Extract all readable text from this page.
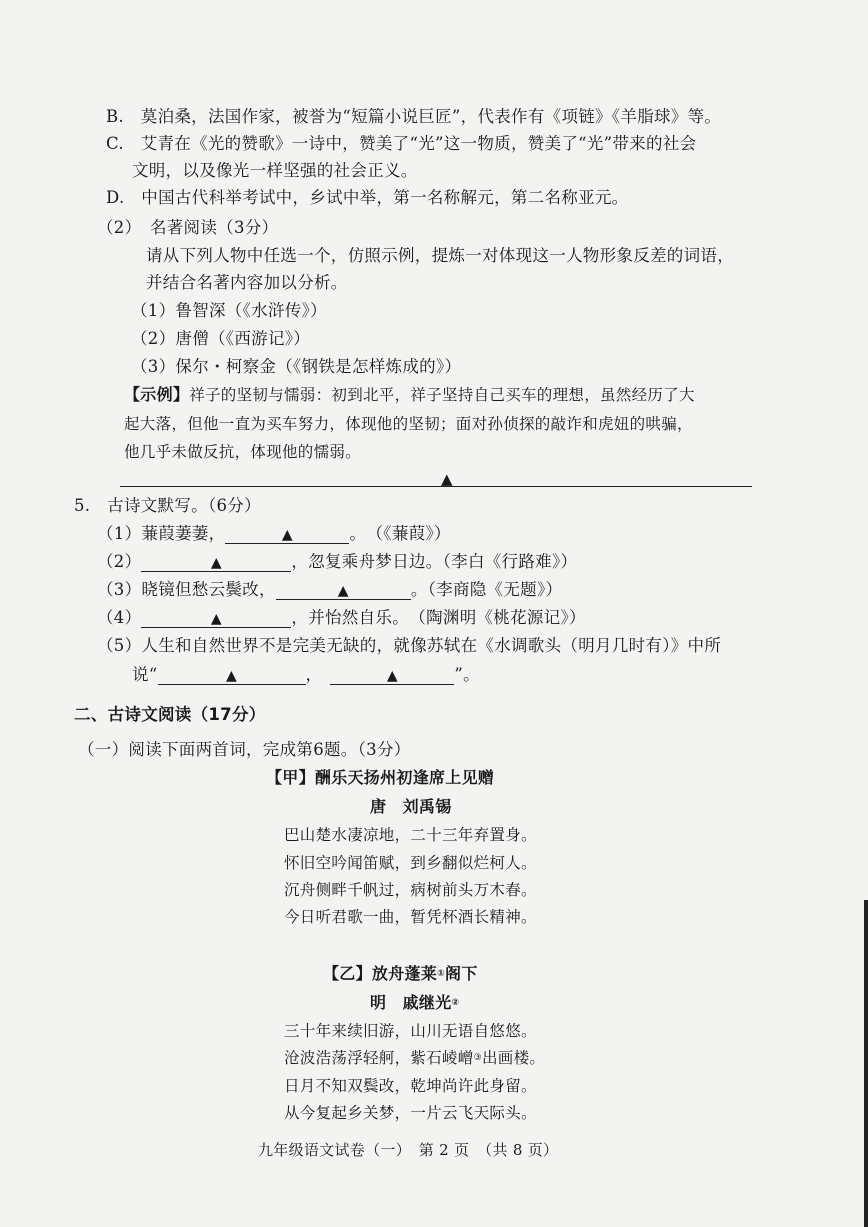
B.　莫泊桑，法国作家，被誉为“短篇小说巨匠”，代表作有《项链》《羊脂球》等。
C.　艾青在《光的赞歌》一诗中，赞美了“光”这一物质，赞美了“光”带来的社会
文明，以及像光一样坚强的社会正义。
D.　中国古代科举考试中，乡试中举，第一名称解元，第二名称亚元。
（2）　名著阅读（3分）
请从下列人物中任选一个，仿照示例，提炼一对体现这一人物形象反差的词语，
并结合名著内容加以分析。
（1）鲁智深（《水浒传》）
（2）唐僧（《西游记》）
（3）保尔・柯察金（《钢铁是怎样炼成的》）
【示例】祥子的坚韧与懦弱：初到北平，祥子坚持自己买车的理想，虽然经历了大
起大落，但他一直为买车努力，体现他的坚韧；面对孙侦探的敲诈和虎妞的哄骗，
他几乎未做反抗，体现他的懦弱。
▲
5.　古诗文默写。（6分）
（1）蒹葭萋萋，	▲	。　（《蒹葭》）
（2）	▲	，忽复乘舟梦日边。（李白《行路难》）
（3）晓镜但愁云鬓改，	▲	。（李商隐《无题》）
（4）	▲	，并怡然自乐。　（陶渊明《桃花源记》）
（5）人生和自然世界不是完美无缺的，就像苏轼在《水调歌头（明月几时有）》中所
说“	▲	，	▲	”。
二、古诗文阅读（17分）
（一）阅读下面两首词，完成第6题。（3分）
【甲】酬乐天扬州初逢席上见赠
唐　刘禹锡
巴山楚水凄凉地，二十三年弃置身。
怀旧空吟闻笛赋，到乡翻似烂柯人。
沉舟侧畔千帆过，病树前头万木春。
今日听君歌一曲，暂凭杯酒长精神。
【乙】放舟蓬莱①阁下
明　戚继光②
三十年来续旧游，山川无语自悠悠。
沧波浩荡浮轻舸，紫石崚嶒③出画楼。
日月不知双鬓改，乾坤尚许此身留。
从今复起乡关梦，一片云飞天际头。
九年级语文试卷（一）　第 2 页　（共 8 页）
